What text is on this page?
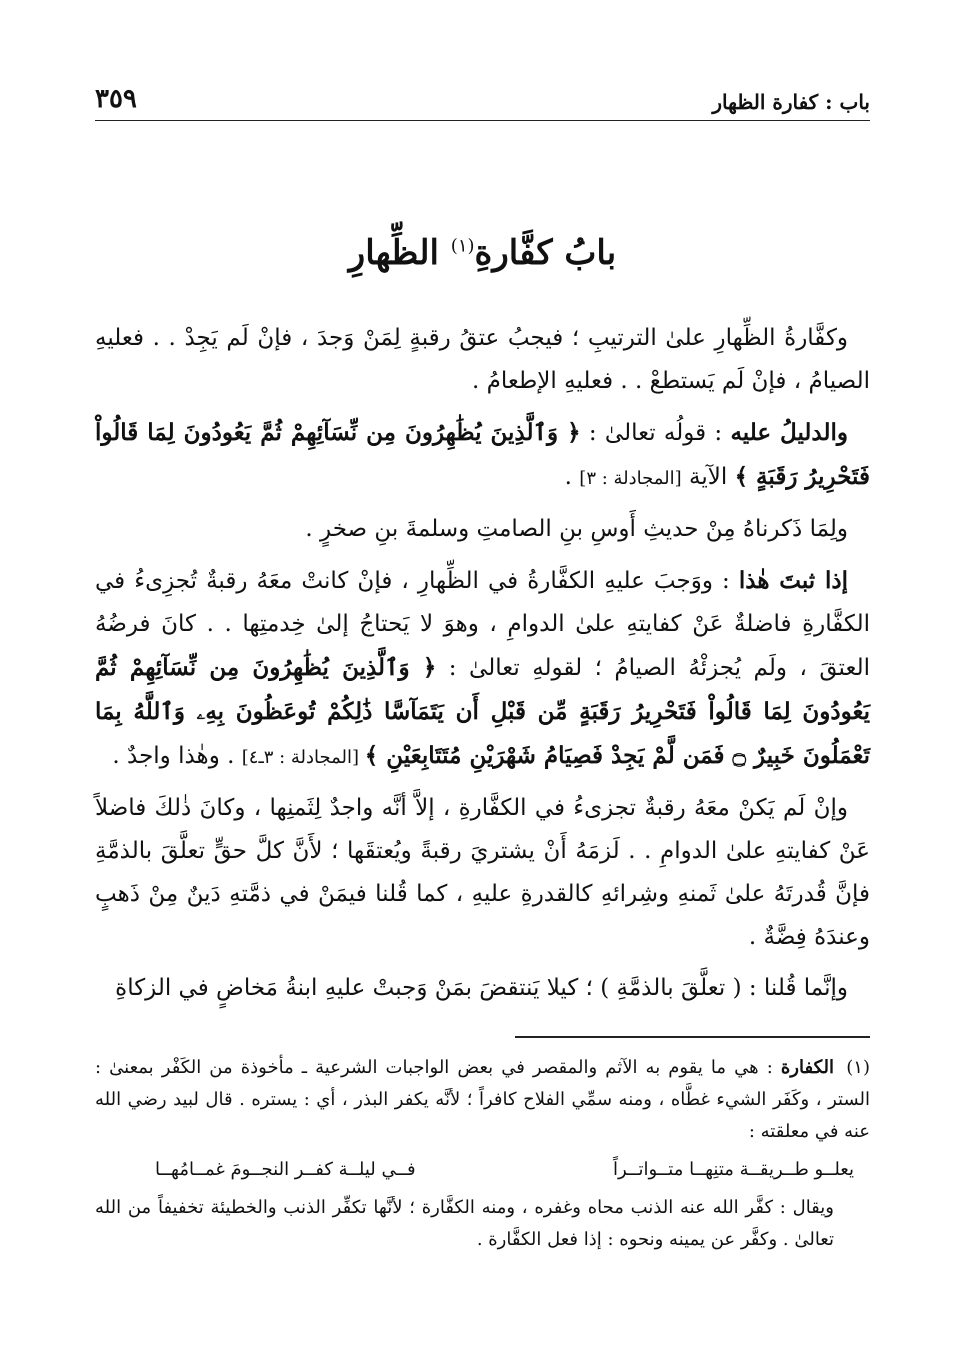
باب : كفارة الظهار
٣٥٩
بابُ كفَّارةِ$^{(١)}$ الظِّهارِ

وكفَّارةُ الظِّهارِ علىٰ الترتيبِ ؛ فيجبُ عتقُ رقبةٍ لِمَنْ وَجدَ ، فإنْ لَم يَجِدْ . . فعليهِ الصيامُ ، فإنْ لَم يَستطعْ . . فعليهِ الإطعامُ .

والدليلُ عليه : قولُه تعالىٰ : ﴿ وَٱلَّذِينَ يُظَٰهِرُونَ مِن نِّسَآئِهِمْ ثُمَّ يَعُودُونَ لِمَا قَالُواْ فَتَحْرِيرُ رَقَبَةٍ ﴾ الآية [المجادلة : ٣] .

ولِمَا ذَكرناهُ مِنْ حديثِ أَوسِ بنِ الصامتِ وسلمةَ بنِ صخرٍ .

إذا ثبتَ هٰذا : ووَجبَ عليهِ الكفَّارةُ في الظِّهارِ ، فإنْ كانتْ معَهُ رقبةٌ تُجزِىءُ في الكفَّارةِ فاضلةٌ عَنْ كفايتهِ علىٰ الدوامِ ، وهوَ لا يَحتاجُ إلىٰ خِدمتِها . . كانَ فرضُهُ العتقَ ، ولَم يُجزئْهُ الصيامُ ؛ لقولهِ تعالىٰ : ﴿ وَٱلَّذِينَ يُظَٰهِرُونَ مِن نِّسَآئِهِمْ ثُمَّ يَعُودُونَ لِمَا قَالُواْ فَتَحْرِيرُ رَقَبَةٍ مِّن قَبْلِ أَن يَتَمَآسَّا ذَٰلِكُمْ تُوعَظُونَ بِهِۦ وَٱللَّهُ بِمَا تَعْمَلُونَ خَبِيرٌ ۝ فَمَن لَّمْ يَجِدْ فَصِيَامُ شَهْرَيْنِ مُتَتَابِعَيْنِ ﴾ [المجادلة : ٣ـ٤] . وهٰذا واجدٌ .

وإنْ لَم يَكنْ معَهُ رقبةٌ تجزىءُ في الكفَّارةِ ، إلاَّ أنَّه واجدٌ لِثَمنِها ، وكانَ ذٰلكَ فاضلاً عَنْ كفايتهِ علىٰ الدوامِ . . لَزمَهُ أَنْ يشتريَ رقبةً ويُعتقَها ؛ لأَنَّ كلَّ حقٍّ تعلَّقَ بالذمَّةِ فإنَّ قُدرتَهُ علىٰ ثَمنهِ وشِرائهِ كالقدرةِ عليهِ ، كما قُلنا فيمَنْ في ذمَّتهِ دَينٌ مِنْ ذَهبٍ وعندَهُ فِضَّةٌ .

وإنَّما قُلنا : ( تعلَّقَ بالذمَّةِ ) ؛ كيلا يَنتقضَ بمَنْ وَجبتْ عليهِ ابنةُ مَخاضٍ في الزكاةِ

(١)الكفارة : هي ما يقوم به الآثم والمقصر في بعض الواجبات الشرعية ـ مأخوذة من الكَفْر بمعنىٰ : الستر ، وكَفَر الشيء غطَّاه ، ومنه سمِّي الفلاح كافراً ؛ لأنَّه يكفر البذر ، أي : يستره . قال لبيد رضي الله عنه في معلقته :
يعلــو طــريقــة متنِهــا متــواتــراً
فــي ليلــة كفــر النجــومَ غمــامُهــا
ويقال : كفَّر الله عنه الذنب محاه وغفره ، ومنه الكفَّارة ؛ لأنَّها تكفِّر الذنب والخطيئة تخفيفاً من الله تعالىٰ . وكفَّر عن يمينه ونحوه : إذا فعل الكفَّارة .
